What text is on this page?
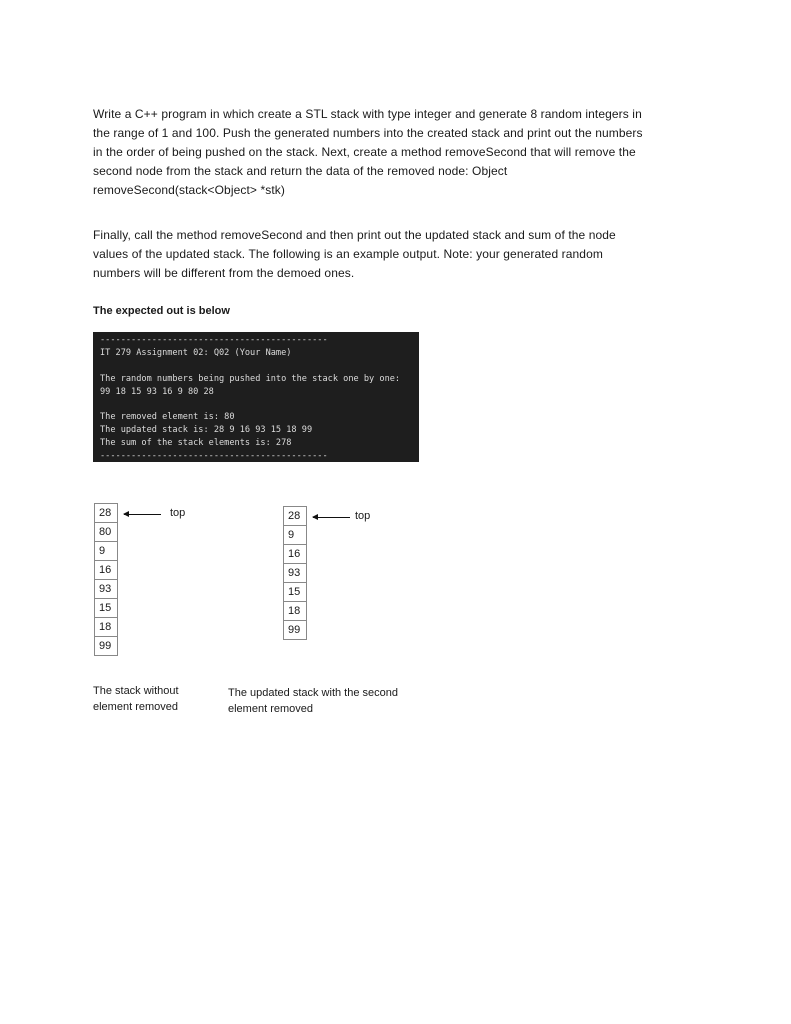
Write a C++ program in which create a STL stack with type integer and generate 8 random integers in
the range of 1 and 100. Push the generated numbers into the created stack and print out the numbers
in the order of being pushed on the stack. Next, create a method removeSecond that will remove the
second node from the stack and return the data of the removed node: Object
removeSecond(stack<Object> *stk)
Finally, call the method removeSecond and then print out the updated stack and sum of the node
values of the updated stack. The following is an example output. Note: your generated random
numbers will be different from the demoed ones.
The expected out is below
--------------------------------------------
IT 279 Assignment 02: Q02 (Your Name)
The random numbers being pushed into the stack one by one:
99 18 15 93 16 9 80 28
The removed element is: 80
The updated stack is: 28 9 16 93 15 18 99
The sum of the stack elements is: 278
--------------------------------------------
28
80
9
16
93
15
18
99
top	28
9
16
93
15
18
99
top
The stack without
element removed
The updated stack with the second
element removed
